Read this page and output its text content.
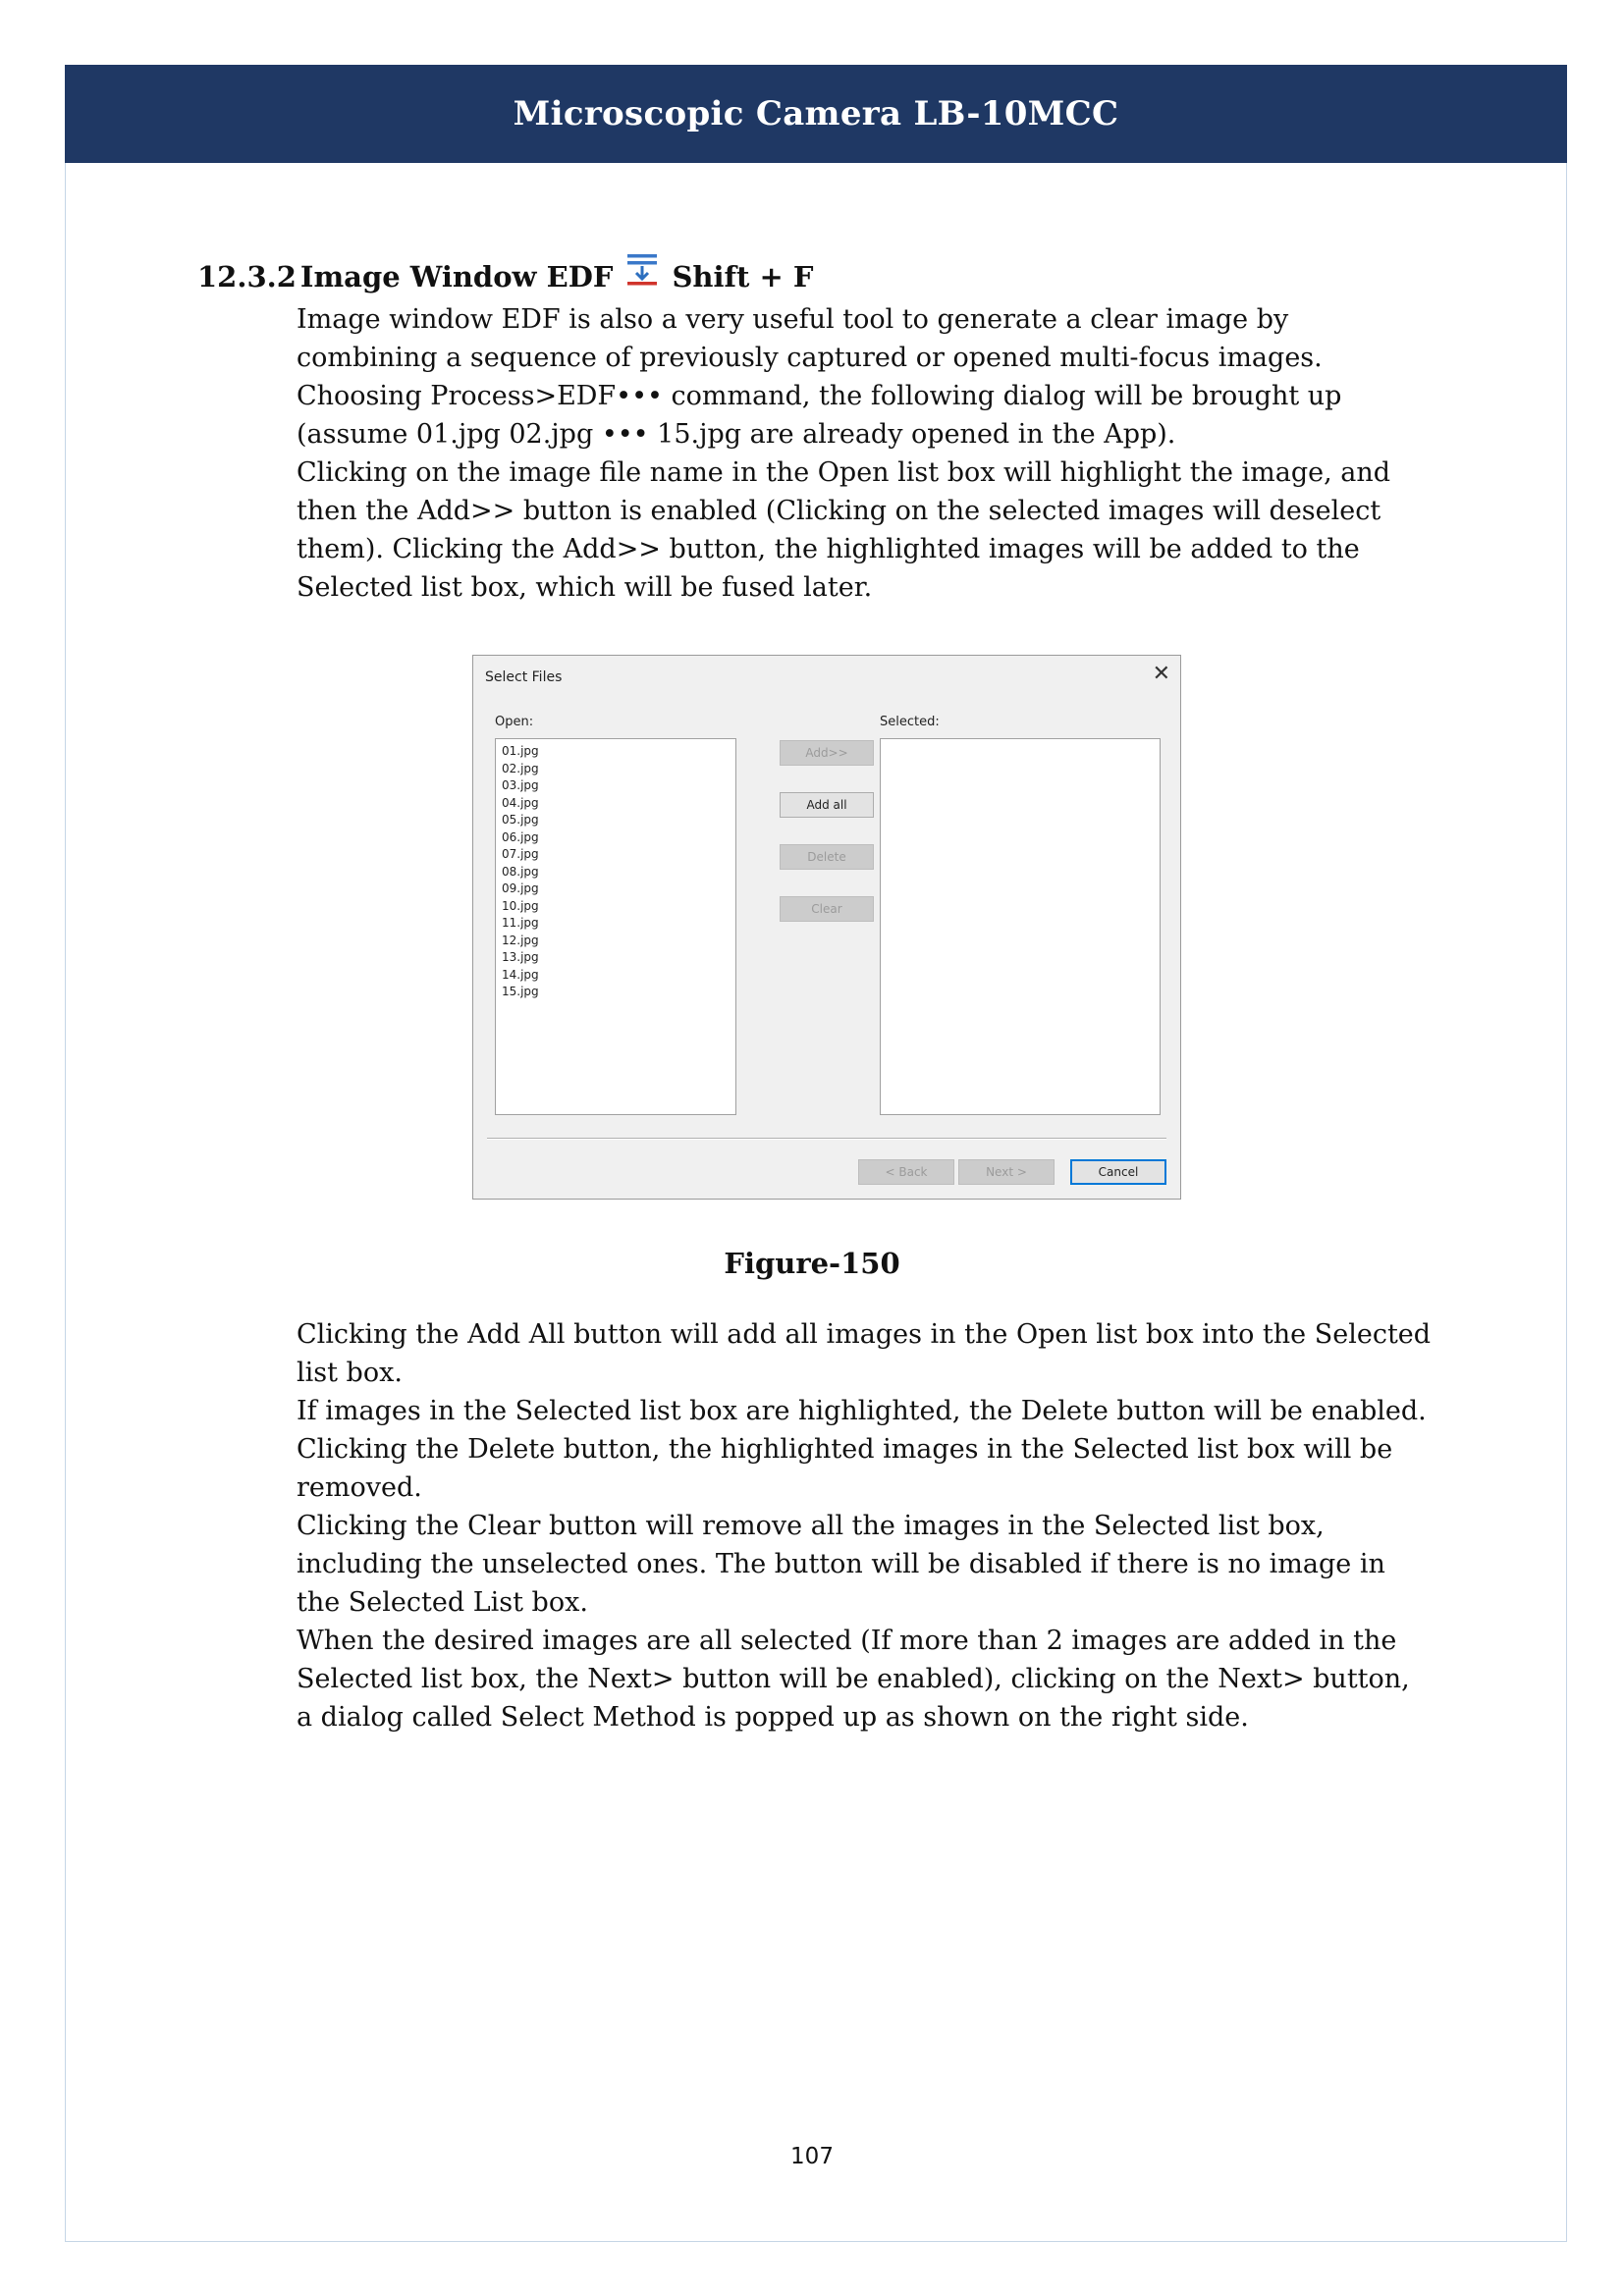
Microscopic Camera LB-10MCC
12.3.2 Image Window EDF Shift + F

Image window EDF is also a very useful tool to generate a clear image by

combining a sequence of previously captured or opened multi-focus images.

Choosing Process>EDF••• command, the following dialog will be brought up

(assume 01.jpg 02.jpg ••• 15.jpg are already opened in the App).

Clicking on the image file name in the Open list box will highlight the image, and

then the Add>> button is enabled (Clicking on the selected images will deselect

them). Clicking the Add>> button, the highlighted images will be added to the

Selected list box, which will be fused later.

Select Files	✕
Open:	Selected:
01.jpg
02.jpg
03.jpg
04.jpg
05.jpg
06.jpg
07.jpg
08.jpg
09.jpg
10.jpg
11.jpg
12.jpg
13.jpg
14.jpg
15.jpg
Add>>
Add all
Delete
Clear
< Back	Next >	Cancel
Figure-150

Clicking the Add All button will add all images in the Open list box into the Selected

list box.

If images in the Selected list box are highlighted, the Delete button will be enabled.

Clicking the Delete button, the highlighted images in the Selected list box will be

removed.

Clicking the Clear button will remove all the images in the Selected list box,

including the unselected ones. The button will be disabled if there is no image in

the Selected List box.

When the desired images are all selected (If more than 2 images are added in the

Selected list box, the Next> button will be enabled), clicking on the Next> button,

a dialog called Select Method is popped up as shown on the right side.

107
